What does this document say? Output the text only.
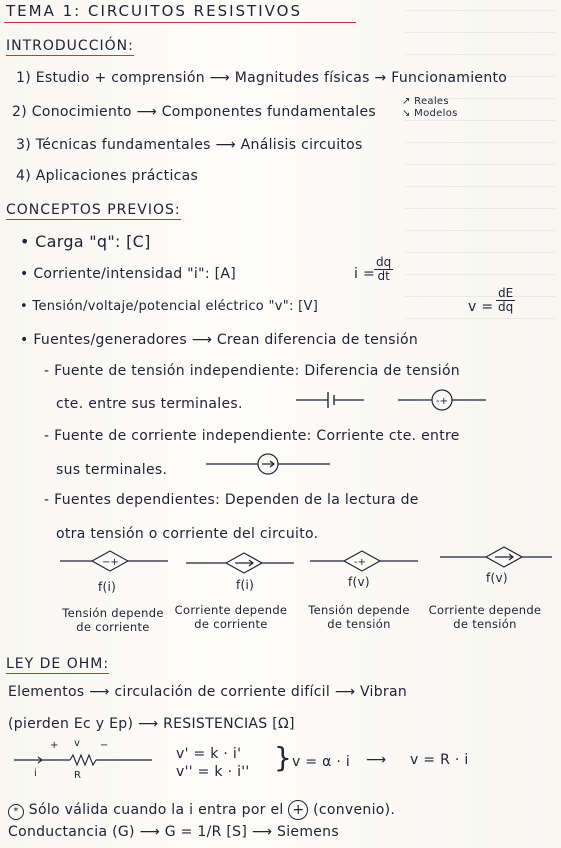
TEMA 1: CIRCUITOS RESISTIVOS
INTRODUCCIÓN:
1) Estudio + comprensión ⟶ Magnitudes físicas → Funcionamiento
2) Conocimiento ⟶ Componentes fundamentales
↗ Reales
↘ Modelos
3) Técnicas fundamentales ⟶ Análisis circuitos
4) Aplicaciones prácticas
CONCEPTOS PREVIOS:
• Carga "q": [C]
• Corriente/intensidad "i": [A]	$i = \frac{dq}{dt}$
• Tensión/voltaje/potencial eléctrico "v": [V]	$v = \frac{dE}{dq}$
• Fuentes/generadores ⟶ Crean diferencia de tensión
- Fuente de tensión independiente: Diferencia de tensión
cte. entre sus terminales.	-+
- Fuente de corriente independiente: Corriente cte. entre
sus terminales.
- Fuentes dependientes: Dependen de la lectura de
otra tensión o corriente del circuito.
−+	-+
f(i)	f(i)	f(v)	f(v)
Tensión depende de corriente
Corriente depende de corriente
Tensión depende de tensión
Corriente depende de tensión
LEY DE OHM:
Elementos ⟶ circulación de corriente difícil ⟶ Vibran
(pierden Ec y Ep) ⟶ RESISTENCIAS [Ω]
+ v −
i	R
v' = k · i'
v'' = k · i'' } v = α · i ⟶ v = R · i
* Sólo válida cuando la i entra por el + (convenio).
Conductancia (G) ⟶ G = 1/R [S] ⟶ Siemens
